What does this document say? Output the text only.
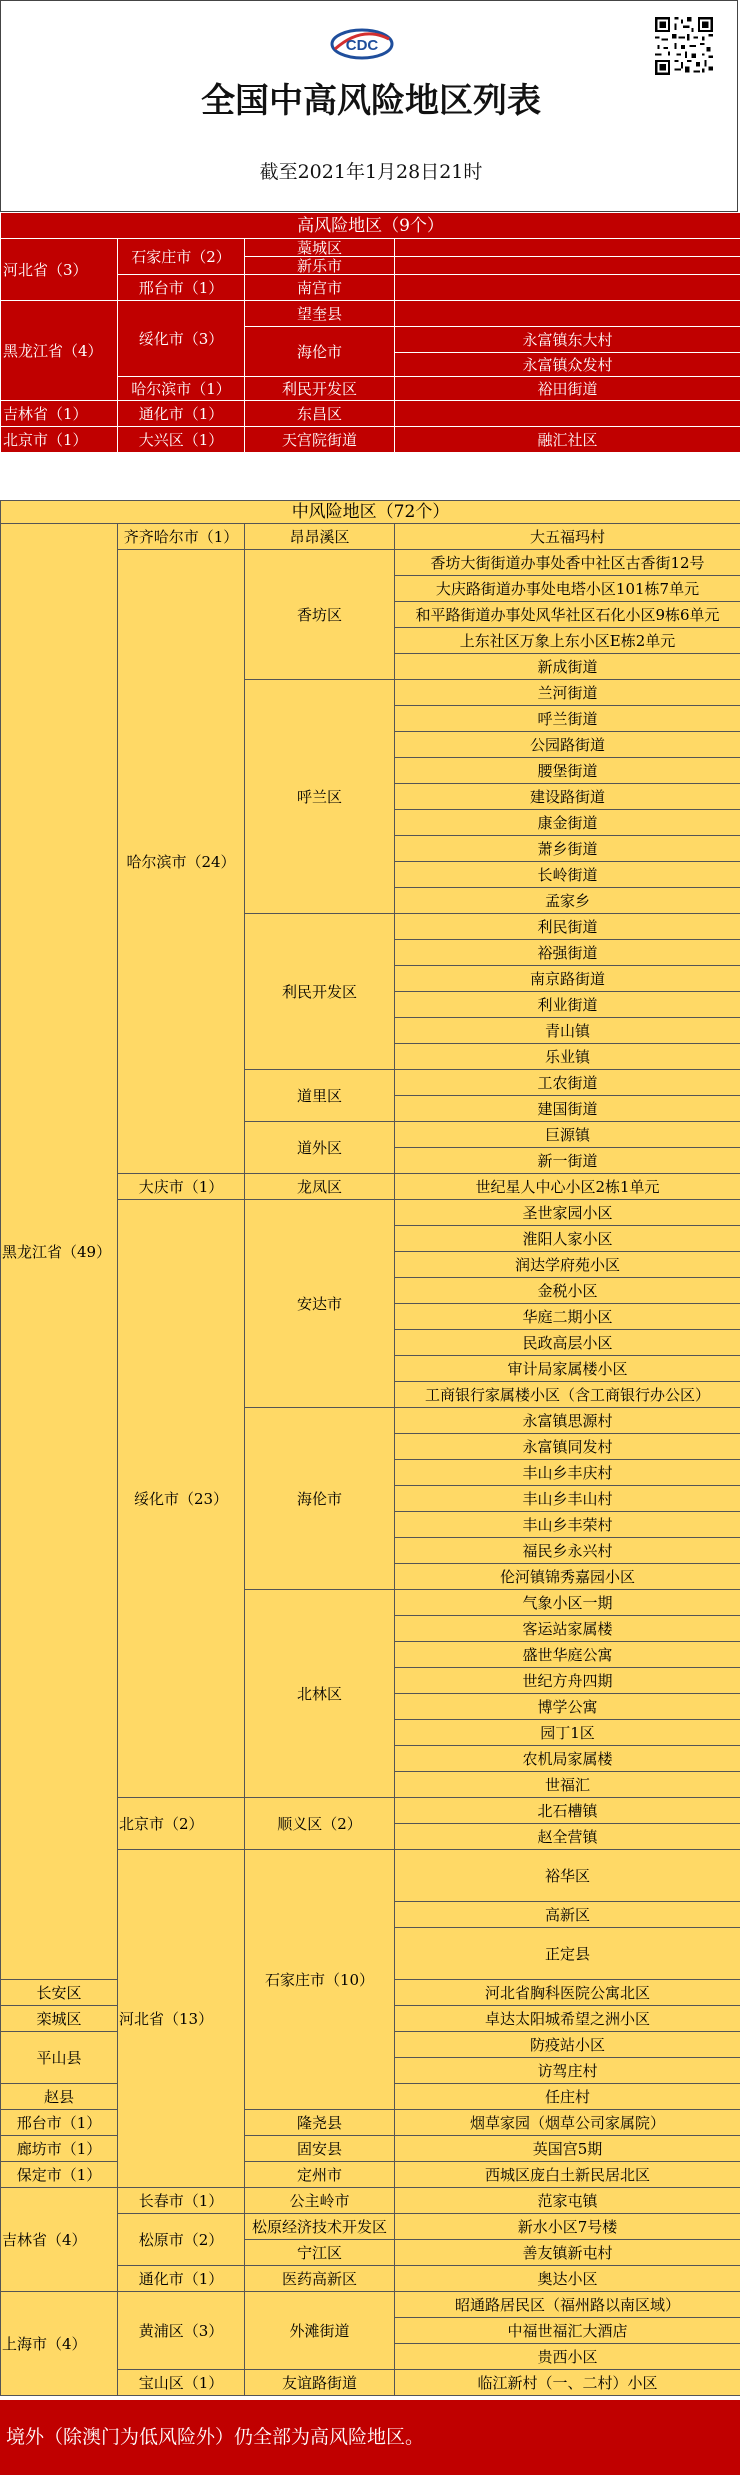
CDC
全国中高风险地区列表
截至2021年1月28日21时
高风险地区（9个）			
河北省（3）	石家庄市（2）	藁城区	
		新乐市	
	邢台市（1）	南宫市	
黑龙江省（4）	绥化市（3）	望奎县	
		海伦市	永富镇东大村
			永富镇众发村
	哈尔滨市（1）	利民开发区	裕田街道
吉林省（1）	通化市（1）	东昌区	
北京市（1）	大兴区（1）	天宫院街道	融汇社区
中风险地区（72个）				
黑龙江省（49）	齐齐哈尔市（1）	昂昂溪区	大五福玛村	
	哈尔滨市（24）	香坊区	香坊大街街道办事处香中社区古香街12号	
			大庆路街道办事处电塔小区101栋7单元	
			和平路街道办事处风华社区石化小区9栋6单元	
			上东社区万象上东小区E栋2单元	
			新成街道	
		呼兰区	兰河街道	
			呼兰街道	
			公园路街道	
			腰堡街道	
			建设路街道	
			康金街道	
			萧乡街道	
			长岭街道	
			孟家乡	
		利民开发区	利民街道	
			裕强街道	
			南京路街道	
			利业街道	
			青山镇	
			乐业镇	
		道里区	工农街道	
			建国街道	
		道外区	巨源镇	
			新一街道	
	大庆市（1）	龙凤区	世纪星人中心小区2栋1单元	
	绥化市（23）	安达市	圣世家园小区	
			淮阳人家小区	
			润达学府苑小区	
			金税小区	
			华庭二期小区	
			民政高层小区	
			审计局家属楼小区	
			工商银行家属楼小区（含工商银行办公区）	
		海伦市	永富镇思源村	
			永富镇同发村	
			丰山乡丰庆村	
			丰山乡丰山村	
			丰山乡丰荣村	
			福民乡永兴村	
			伦河镇锦秀嘉园小区	
		北林区	气象小区一期	
			客运站家属楼	
			盛世华庭公寓	
			世纪方舟四期	
			博学公寓	
			园丁1区	
			农机局家属楼	
			世福汇	
	北京市（2）	顺义区（2）	北石槽镇	
			赵全营镇	
	河北省（13）	石家庄市（10）	裕华区	

			高新区	
			正定县	

长安区			河北省胸科医院公寓北区	
栾城区			卓达太阳城希望之洲小区	
平山县			防疫站小区	
			访驾庄村	
赵县			任庄村	
邢台市（1）		隆尧县	烟草家园（烟草公司家属院）	
廊坊市（1）		固安县	英国宫5期	
保定市（1）		定州市	西城区庞白土新民居北区	
吉林省（4）	长春市（1）	公主岭市	范家屯镇	
	松原市（2）	松原经济技术开发区	新水小区7号楼	
		宁江区	善友镇新屯村	
	通化市（1）	医药高新区	奥达小区	
上海市（4）	黄浦区（3）	外滩街道	昭通路居民区（福州路以南区域）	
			中福世福汇大酒店	
			贵西小区	
	宝山区（1）	友谊路街道	临江新村（一、二村）小区	
境外（除澳门为低风险外）仍全部为高风险地区。
